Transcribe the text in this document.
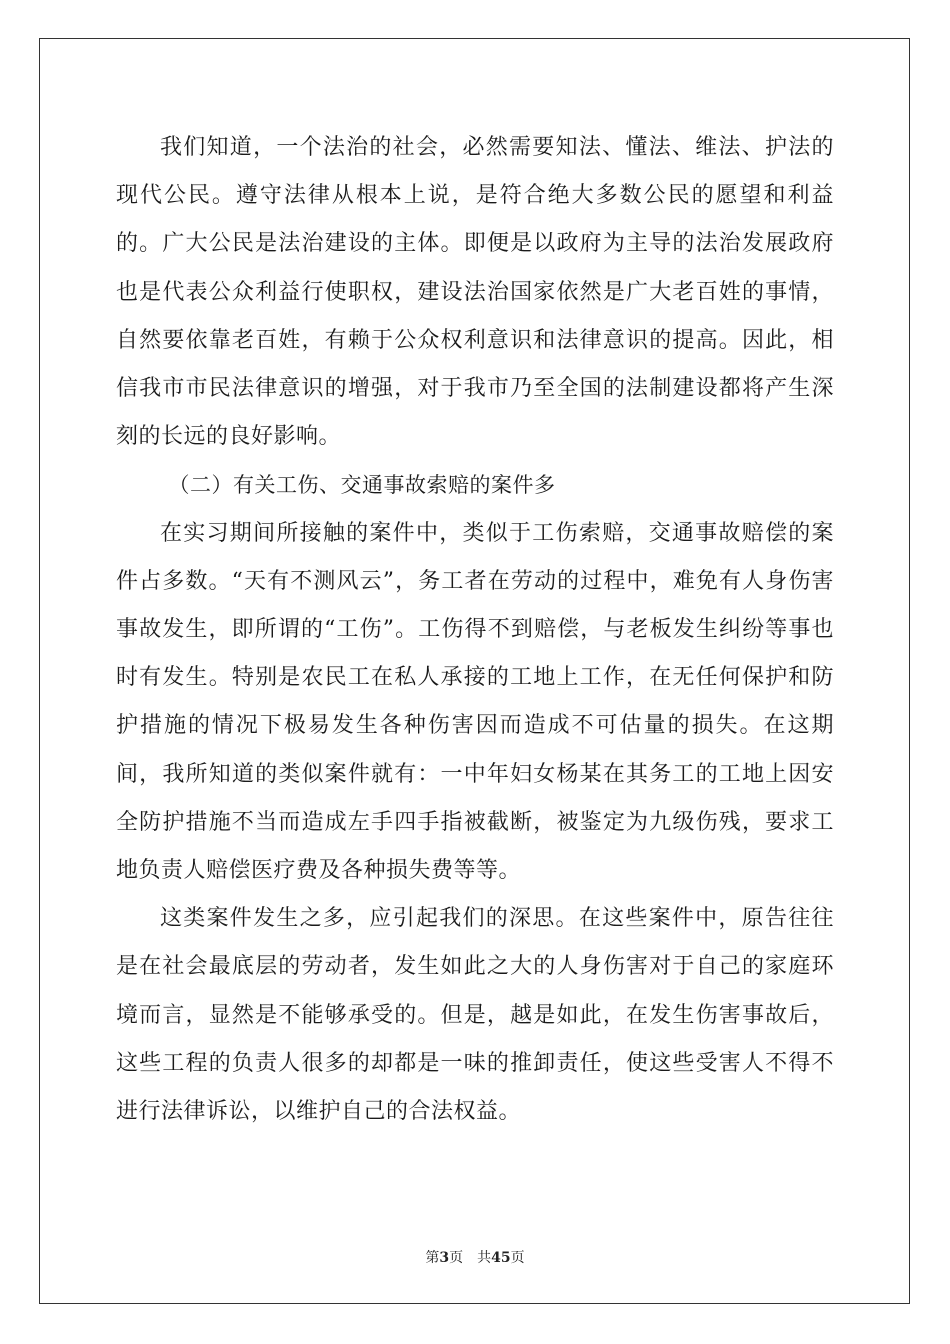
我们知道，一个法治的社会，必然需要知法、懂法、维法、护法的现代公民。遵守法律从根本上说，是符合绝大多数公民的愿望和利益的。广大公民是法治建设的主体。即便是以政府为主导的法治发展政府也是代表公众利益行使职权，建设法治国家依然是广大老百姓的事情，自然要依靠老百姓，有赖于公众权利意识和法律意识的提高。因此，相信我市市民法律意识的增强，对于我市乃至全国的法制建设都将产生深刻的长远的良好影响。

（二）有关工伤、交通事故索赔的案件多

在实习期间所接触的案件中，类似于工伤索赔，交通事故赔偿的案件占多数。“天有不测风云”，务工者在劳动的过程中，难免有人身伤害事故发生，即所谓的“工伤”。工伤得不到赔偿，与老板发生纠纷等事也时有发生。特别是农民工在私人承接的工地上工作，在无任何保护和防护措施的情况下极易发生各种伤害因而造成不可估量的损失。在这期间，我所知道的类似案件就有：一中年妇女杨某在其务工的工地上因安全防护措施不当而造成左手四手指被截断，被鉴定为九级伤残，要求工地负责人赔偿医疗费及各种损失费等等。

这类案件发生之多，应引起我们的深思。在这些案件中，原告往往是在社会最底层的劳动者，发生如此之大的人身伤害对于自己的家庭环境而言，显然是不能够承受的。但是，越是如此，在发生伤害事故后，这些工程的负责人很多的却都是一味的推卸责任，使这些受害人不得不进行法律诉讼，以维护自己的合法权益。

第3页 共45页
